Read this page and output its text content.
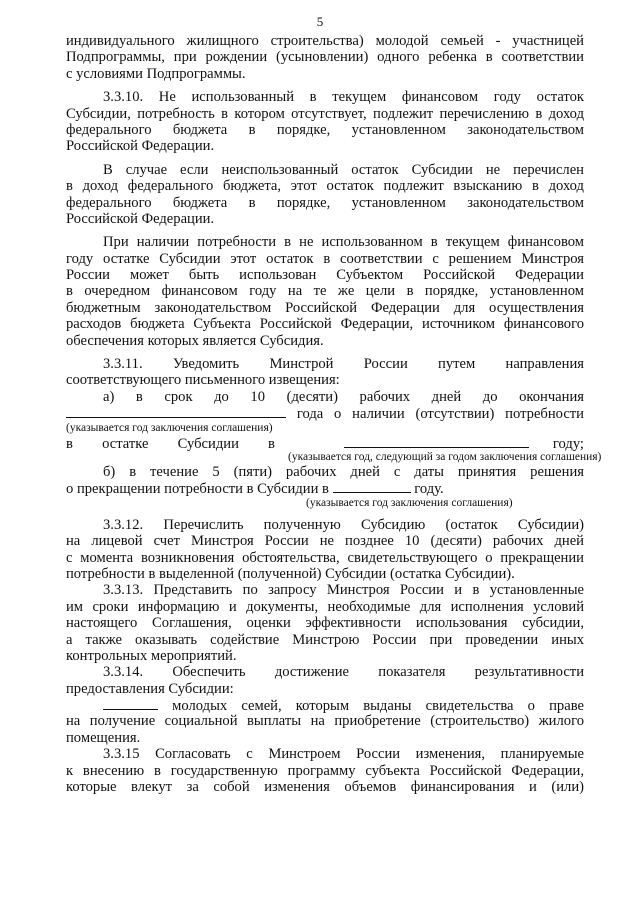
5
индивидуального жилищного строительства) молодой семьей - участницей
Подпрограммы, при рождении (усыновлении) одного ребенка в соответствии
с условиями Подпрограммы.
3.3.10. Не использованный в текущем финансовом году остаток
Субсидии, потребность в котором отсутствует, подлежит перечислению в доход
федерального бюджета в порядке, установленном законодательством
Российской Федерации.
В случае если неиспользованный остаток Субсидии не перечислен
в доход федерального бюджета, этот остаток подлежит взысканию в доход
федерального бюджета в порядке, установленном законодательством
Российской Федерации.
При наличии потребности в не использованном в текущем финансовом
году остатке Субсидии этот остаток в соответствии с решением Минстроя
России может быть использован Субъектом Российской Федерации
в очередном финансовом году на те же цели в порядке, установленном
бюджетным законодательством Российской Федерации для осуществления
расходов бюджета Субъекта Российской Федерации, источником финансового
обеспечения которых является Субсидия.
3.3.11. Уведомить Минстрой России путем направления
соответствующего письменного извещения:
а) в срок до 10 (десяти) рабочих дней до окончания
года о наличии (отсутствии) потребности
(указывается год заключения соглашения)
в        остатке        Субсидии        в	году;
(указывается год, следующий за годом заключения соглашения)
б) в течение 5 (пяти) рабочих дней с даты принятия решения
о прекращении потребности в Субсидии в	году.
(указывается год заключения соглашения)
3.3.12. Перечислить полученную Субсидию (остаток Субсидии)
на лицевой счет Минстроя России не позднее 10 (десяти) рабочих дней
с момента возникновения обстоятельства, свидетельствующего о прекращении
потребности в выделенной (полученной) Субсидии (остатка Субсидии).
3.3.13. Представить по запросу Минстроя России и в установленные
им сроки информацию и документы, необходимые для исполнения условий
настоящего Соглашения, оценки эффективности использования субсидии,
а также оказывать содействие Минстрою России при проведении иных
контрольных мероприятий.
3.3.14. Обеспечить достижение показателя результативности
предоставления Субсидии:
молодых семей, которым выданы свидетельства о праве
на получение социальной выплаты на приобретение (строительство) жилого
помещения.
3.3.15 Согласовать с Минстроем России изменения, планируемые
к внесению в государственную программу субъекта Российской Федерации,
которые влекут за собой изменения объемов финансирования и (или)
